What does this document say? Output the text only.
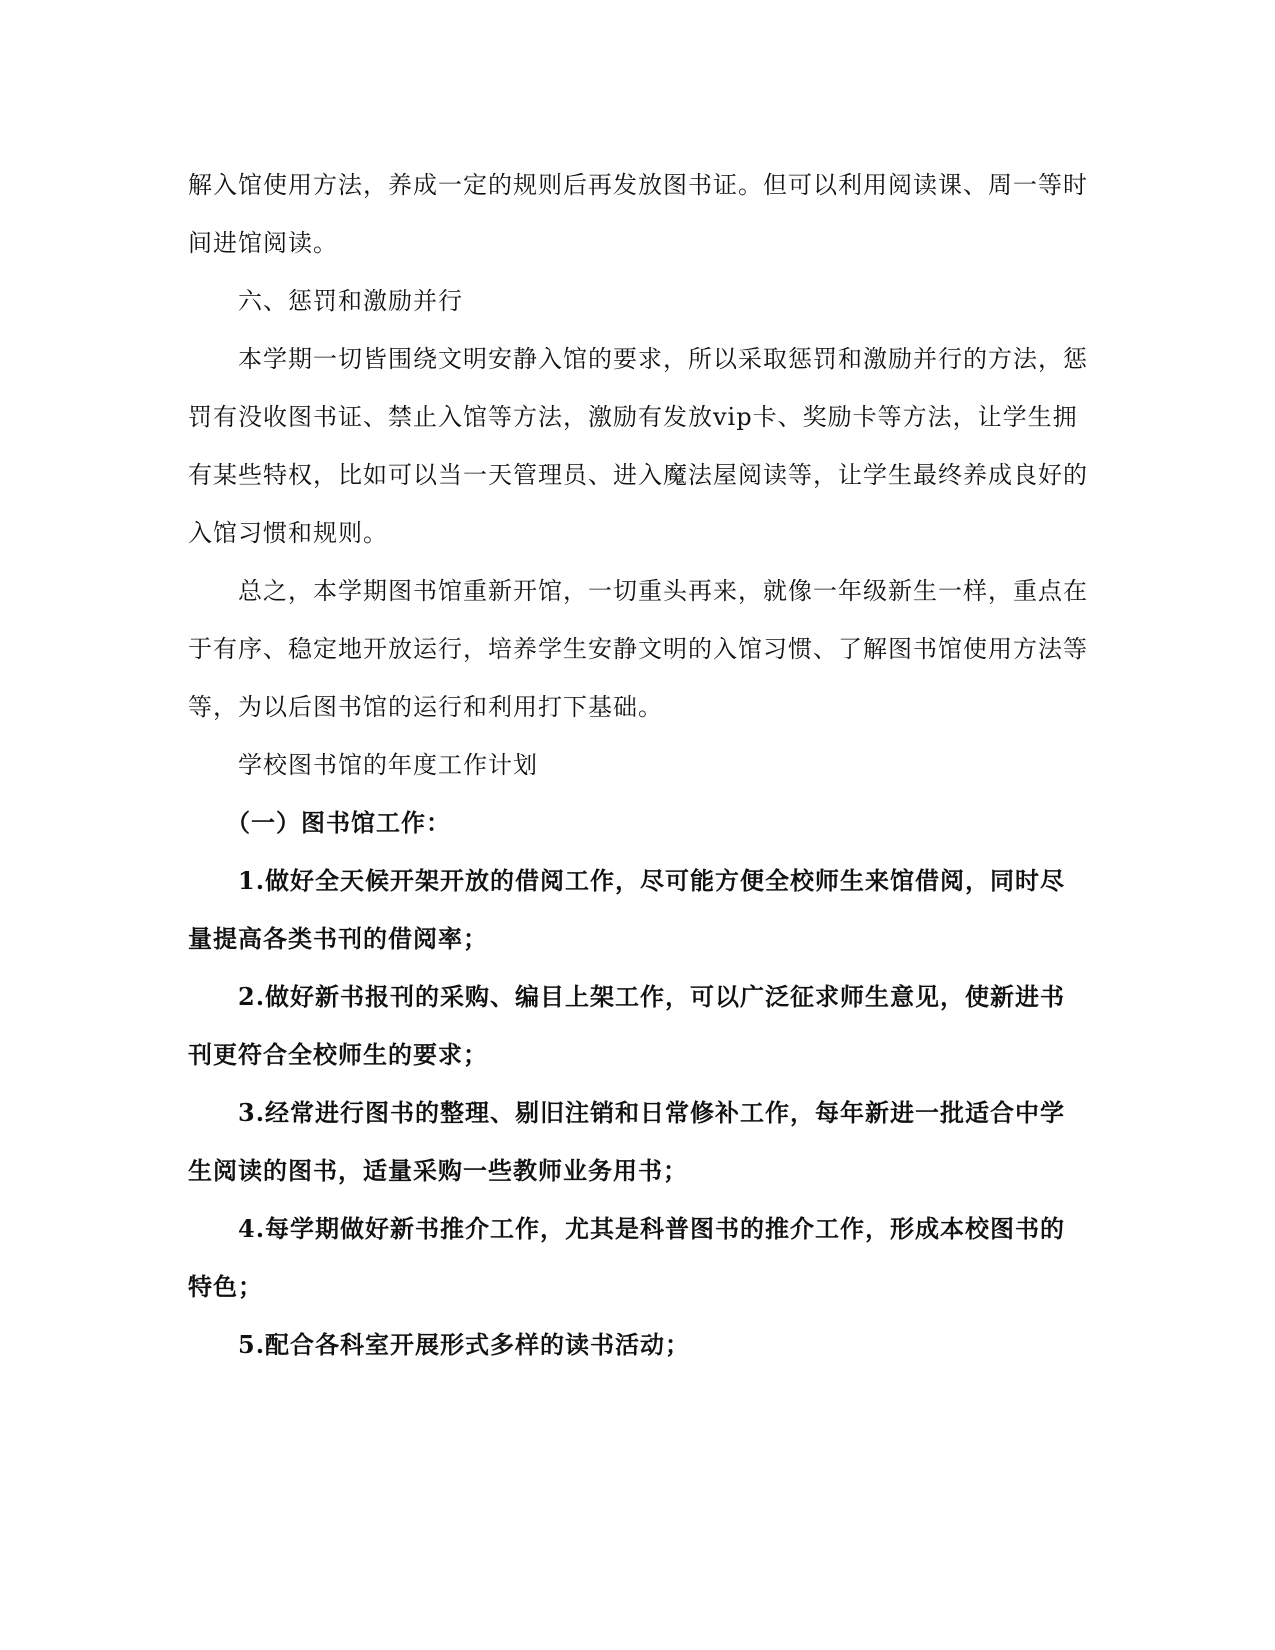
解入馆使用方法，养成一定的规则后再发放图书证。但可以利用阅读课、周一等时间进馆阅读。

六、惩罚和激励并行

本学期一切皆围绕文明安静入馆的要求，所以采取惩罚和激励并行的方法，惩罚有没收图书证、禁止入馆等方法，激励有发放vip卡、奖励卡等方法，让学生拥有某些特权，比如可以当一天管理员、进入魔法屋阅读等，让学生最终养成良好的入馆习惯和规则。

总之，本学期图书馆重新开馆，一切重头再来，就像一年级新生一样，重点在于有序、稳定地开放运行，培养学生安静文明的入馆习惯、了解图书馆使用方法等等，为以后图书馆的运行和利用打下基础。

学校图书馆的年度工作计划

（一）图书馆工作：

1.做好全天候开架开放的借阅工作，尽可能方便全校师生来馆借阅，同时尽量提高各类书刊的借阅率；

2.做好新书报刊的采购、编目上架工作，可以广泛征求师生意见，使新进书刊更符合全校师生的要求；

3.经常进行图书的整理、剔旧注销和日常修补工作，每年新进一批适合中学生阅读的图书，适量采购一些教师业务用书；

4.每学期做好新书推介工作，尤其是科普图书的推介工作，形成本校图书的特色；

5.配合各科室开展形式多样的读书活动；
